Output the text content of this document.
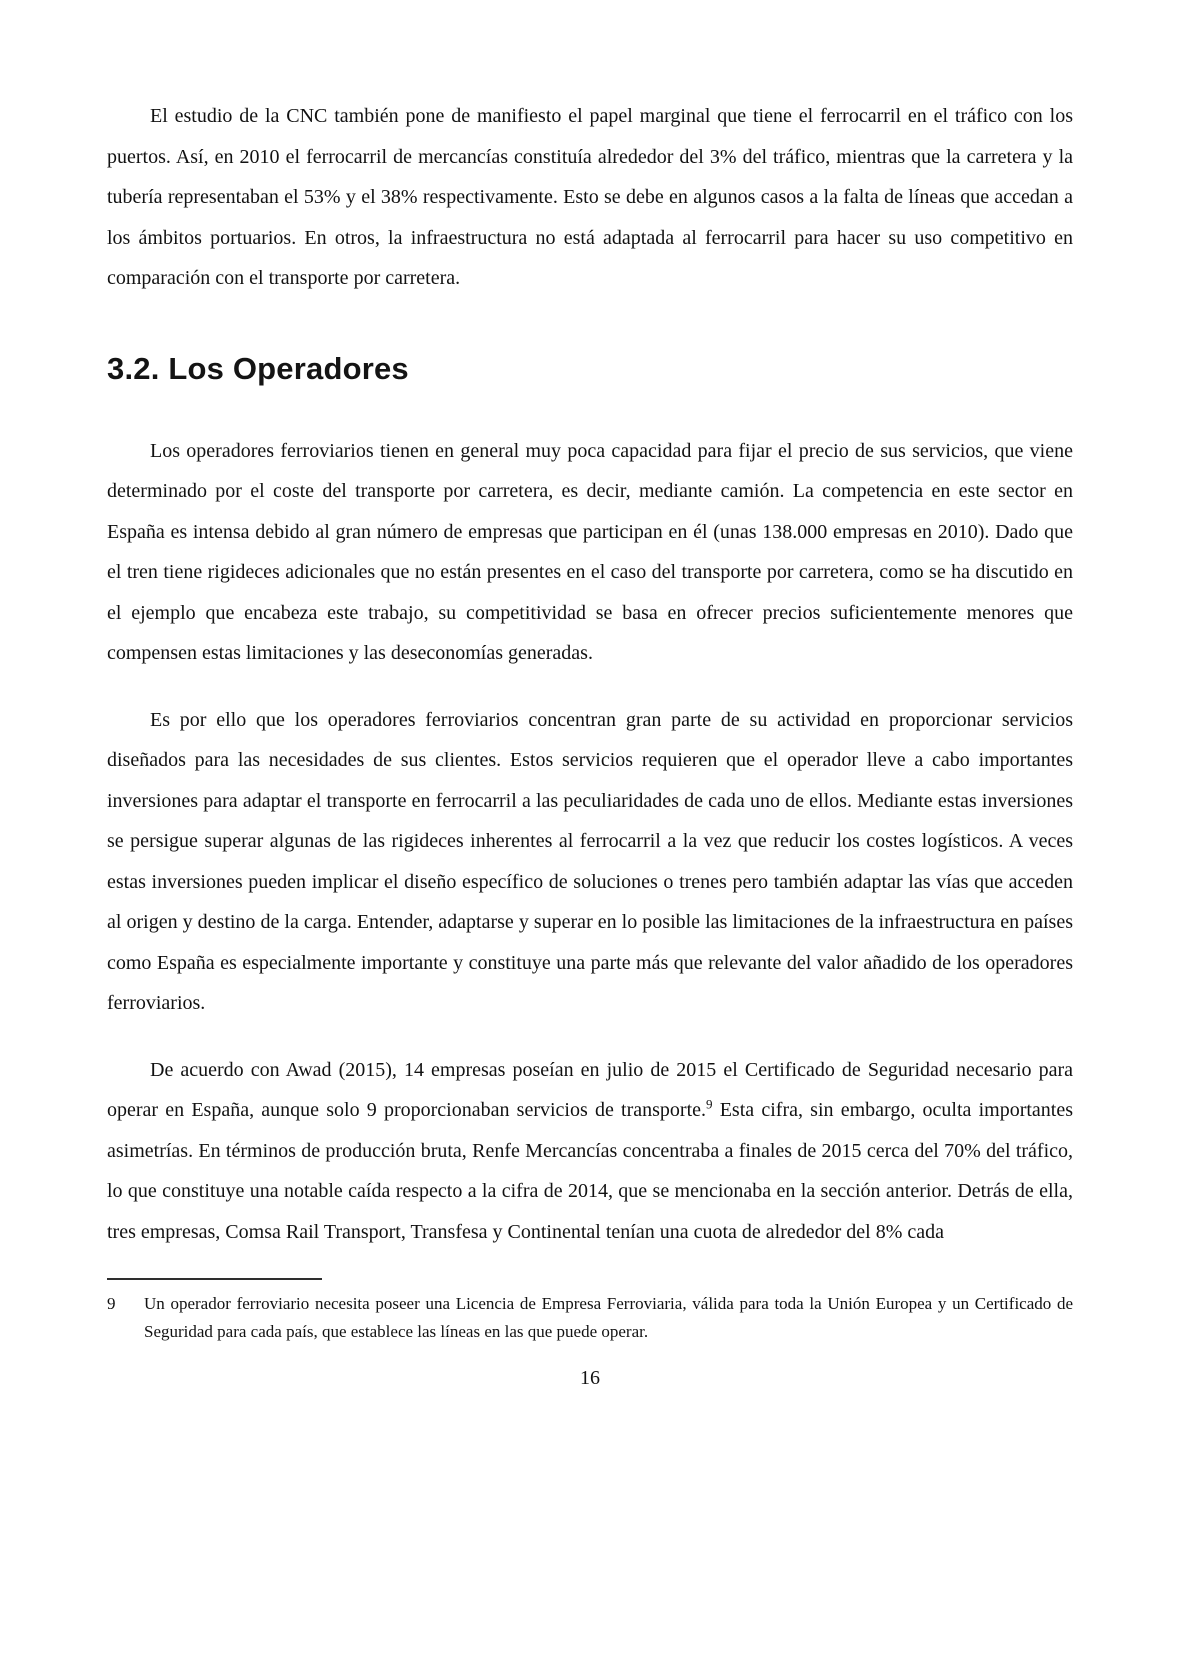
El estudio de la CNC también pone de manifiesto el papel marginal que tiene el ferrocarril en el tráfico con los puertos. Así, en 2010 el ferrocarril de mercancías constituía alrededor del 3% del tráfico, mientras que la carretera y la tubería representaban el 53% y el 38% respectivamente. Esto se debe en algunos casos a la falta de líneas que accedan a los ámbitos portuarios. En otros, la infraestructura no está adaptada al ferrocarril para hacer su uso competitivo en comparación con el transporte por carretera.

3.2. Los Operadores

Los operadores ferroviarios tienen en general muy poca capacidad para fijar el precio de sus servicios, que viene determinado por el coste del transporte por carretera, es decir, mediante camión. La competencia en este sector en España es intensa debido al gran número de empresas que participan en él (unas 138.000 empresas en 2010). Dado que el tren tiene rigideces adicionales que no están presentes en el caso del transporte por carretera, como se ha discutido en el ejemplo que encabeza este trabajo, su competitividad se basa en ofrecer precios suficientemente menores que compensen estas limitaciones y las deseconomías generadas.

Es por ello que los operadores ferroviarios concentran gran parte de su actividad en proporcionar servicios diseñados para las necesidades de sus clientes. Estos servicios requieren que el operador lleve a cabo importantes inversiones para adaptar el transporte en ferrocarril a las peculiaridades de cada uno de ellos. Mediante estas inversiones se persigue superar algunas de las rigideces inherentes al ferrocarril a la vez que reducir los costes logísticos. A veces estas inversiones pueden implicar el diseño específico de soluciones o trenes pero también adaptar las vías que acceden al origen y destino de la carga. Entender, adaptarse y superar en lo posible las limitaciones de la infraestructura en países como España es especialmente importante y constituye una parte más que relevante del valor añadido de los operadores ferroviarios.

De acuerdo con Awad (2015), 14 empresas poseían en julio de 2015 el Certificado de Seguridad necesario para operar en España, aunque solo 9 proporcionaban servicios de transporte.$^9$ Esta cifra, sin embargo, oculta importantes asimetrías. En términos de producción bruta, Renfe Mercancías concentraba a finales de 2015 cerca del 70% del tráfico, lo que constituye una notable caída respecto a la cifra de 2014, que se mencionaba en la sección anterior. Detrás de ella, tres empresas, Comsa Rail Transport, Transfesa y Continental tenían una cuota de alrededor del 8% cada

9 Un operador ferroviario necesita poseer una Licencia de Empresa Ferroviaria, válida para toda la Unión Europea y un Certificado de Seguridad para cada país, que establece las líneas en las que puede operar.
16
